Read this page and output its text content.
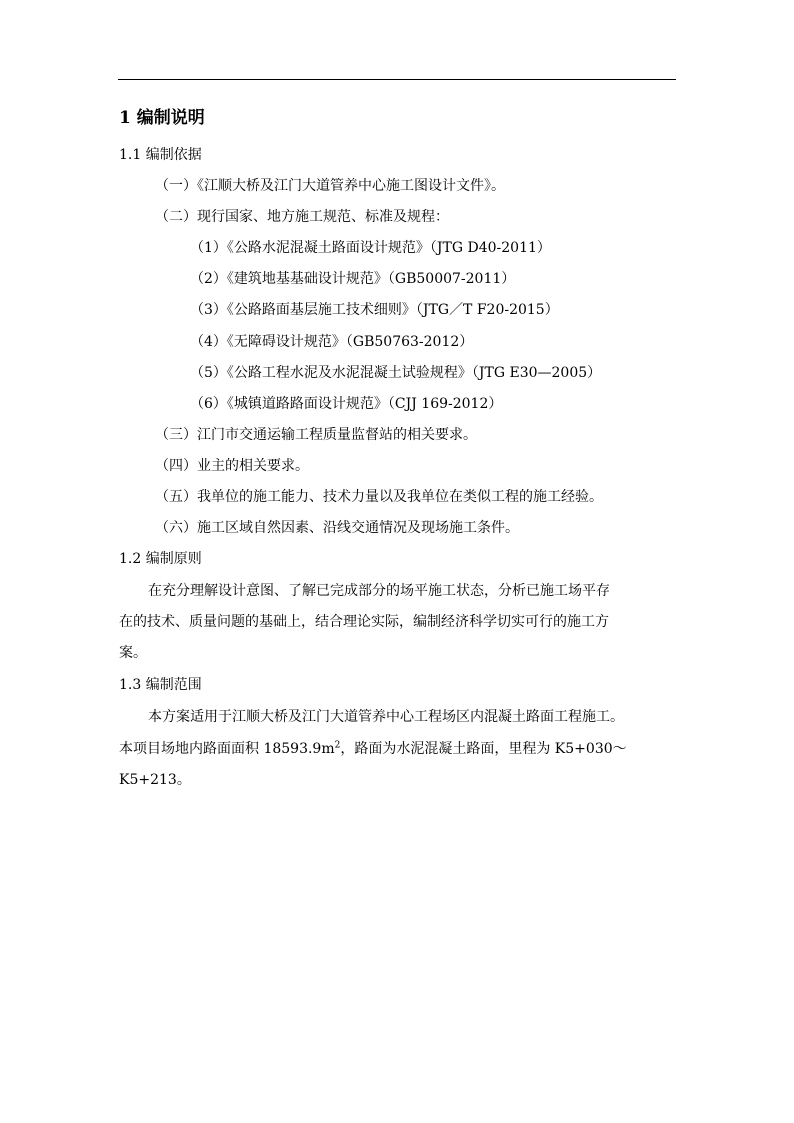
1 编制说明
1.1 编制依据
（一）《江顺大桥及江门大道管养中心施工图设计文件》。
（二）现行国家、地方施工规范、标准及规程：
（1）《公路水泥混凝土路面设计规范》（JTG D40-2011）
（2）《建筑地基基础设计规范》（GB50007-2011）
（3）《公路路面基层施工技术细则》（JTG／T F20-2015）
（4）《无障碍设计规范》（GB50763-2012）
（5）《公路工程水泥及水泥混凝土试验规程》（JTG E30—2005）
（6）《城镇道路路面设计规范》（CJJ 169-2012）
（三）江门市交通运输工程质量监督站的相关要求。
（四）业主的相关要求。
（五）我单位的施工能力、技术力量以及我单位在类似工程的施工经验。
（六）施工区域自然因素、沿线交通情况及现场施工条件。
1.2 编制原则
在充分理解设计意图、了解已完成部分的场平施工状态，分析已施工场平存
在的技术、质量问题的基础上，结合理论实际，编制经济科学切实可行的施工方
案。
1.3 编制范围
本方案适用于江顺大桥及江门大道管养中心工程场区内混凝土路面工程施工。
本项目场地内路面面积 $18593.9m^2$，路面为水泥混凝土路面，里程为 K5+030～
K5+213。
